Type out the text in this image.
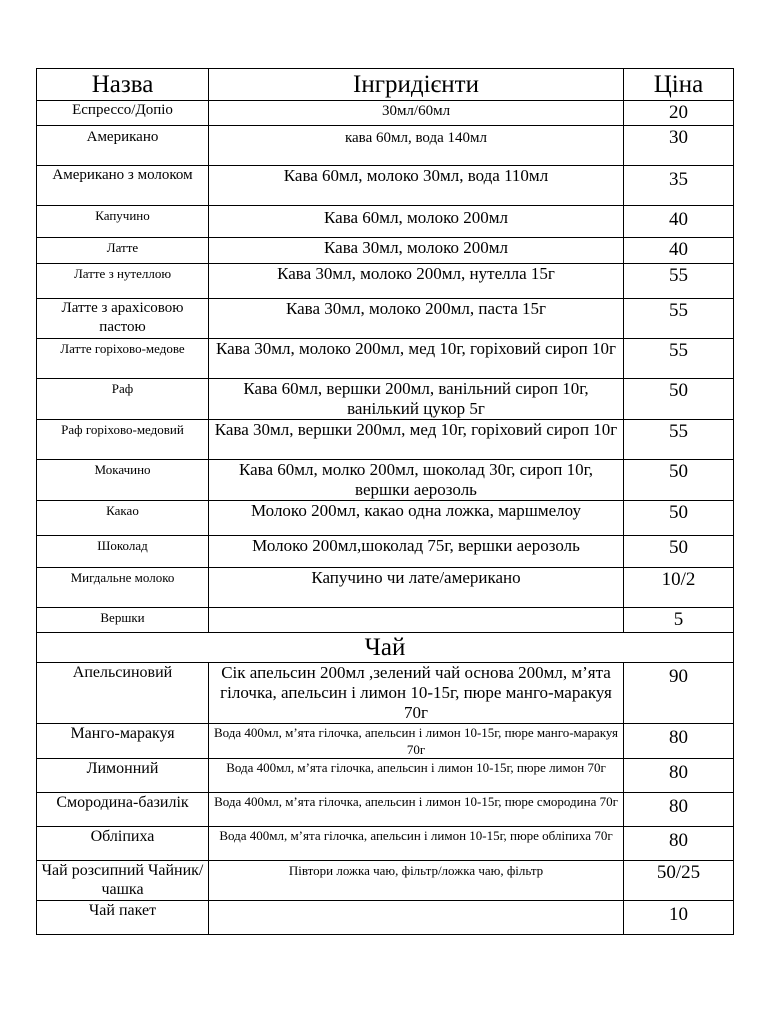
Назва	Інгридієнти	Ціна
Еспрессо/Допіо	30мл/60мл	20
Американо	кава 60мл, вода 140мл	30
Американо з молоком	Кава 60мл, молоко 30мл, вода 110мл	35
Капучино	Кава 60мл, молоко 200мл	40
Латте	Кава 30мл, молоко 200мл	40
Латте з нутеллою	Кава 30мл, молоко 200мл, нутелла 15г	55
Латте з арахісовою пастою	Кава 30мл, молоко 200мл, паста 15г	55
Латте горіхово-медове	Кава 30мл, молоко 200мл, мед 10г, горіховий сироп 10г	55
Раф	Кава 60мл, вершки 200мл, ванільний сироп 10г, ванілький цукор 5г	50
Раф горіхово-медовий	Кава 30мл, вершки 200мл, мед 10г, горіховий сироп 10г	55
Мокачино	Кава 60мл, молко 200мл, шоколад 30г, сироп 10г, вершки аерозоль	50
Какао	Молоко 200мл, какао одна ложка, маршмелоу	50
Шоколад	Молоко 200мл,шоколад 75г, вершки аерозоль	50
Мигдальне молоко	Капучино чи лате/американо	10/2
Вершки		5
Чай		
Апельсиновий	Сік апельсин 200мл ,зелений чай основа 200мл, м’ята гілочка, апельсин і лимон 10-15г, пюре манго-маракуя 70г	90
Манго-маракуя	Вода 400мл, м’ята гілочка, апельсин і лимон 10-15г, пюре манго-маракуя 70г	80
Лимонний	Вода 400мл, м’ята гілочка, апельсин і лимон 10-15г, пюре лимон 70г	80
Смородина-базилік	Вода 400мл, м’ята гілочка, апельсин і лимон 10-15г, пюре смородина 70г	80
Обліпиха	Вода 400мл, м’ята гілочка, апельсин і лимон 10-15г, пюре обліпиха 70г	80
Чай розсипний Чайник/чашка	Півтори ложка чаю, фільтр/ложка чаю, фільтр	50/25
Чай пакет		10
